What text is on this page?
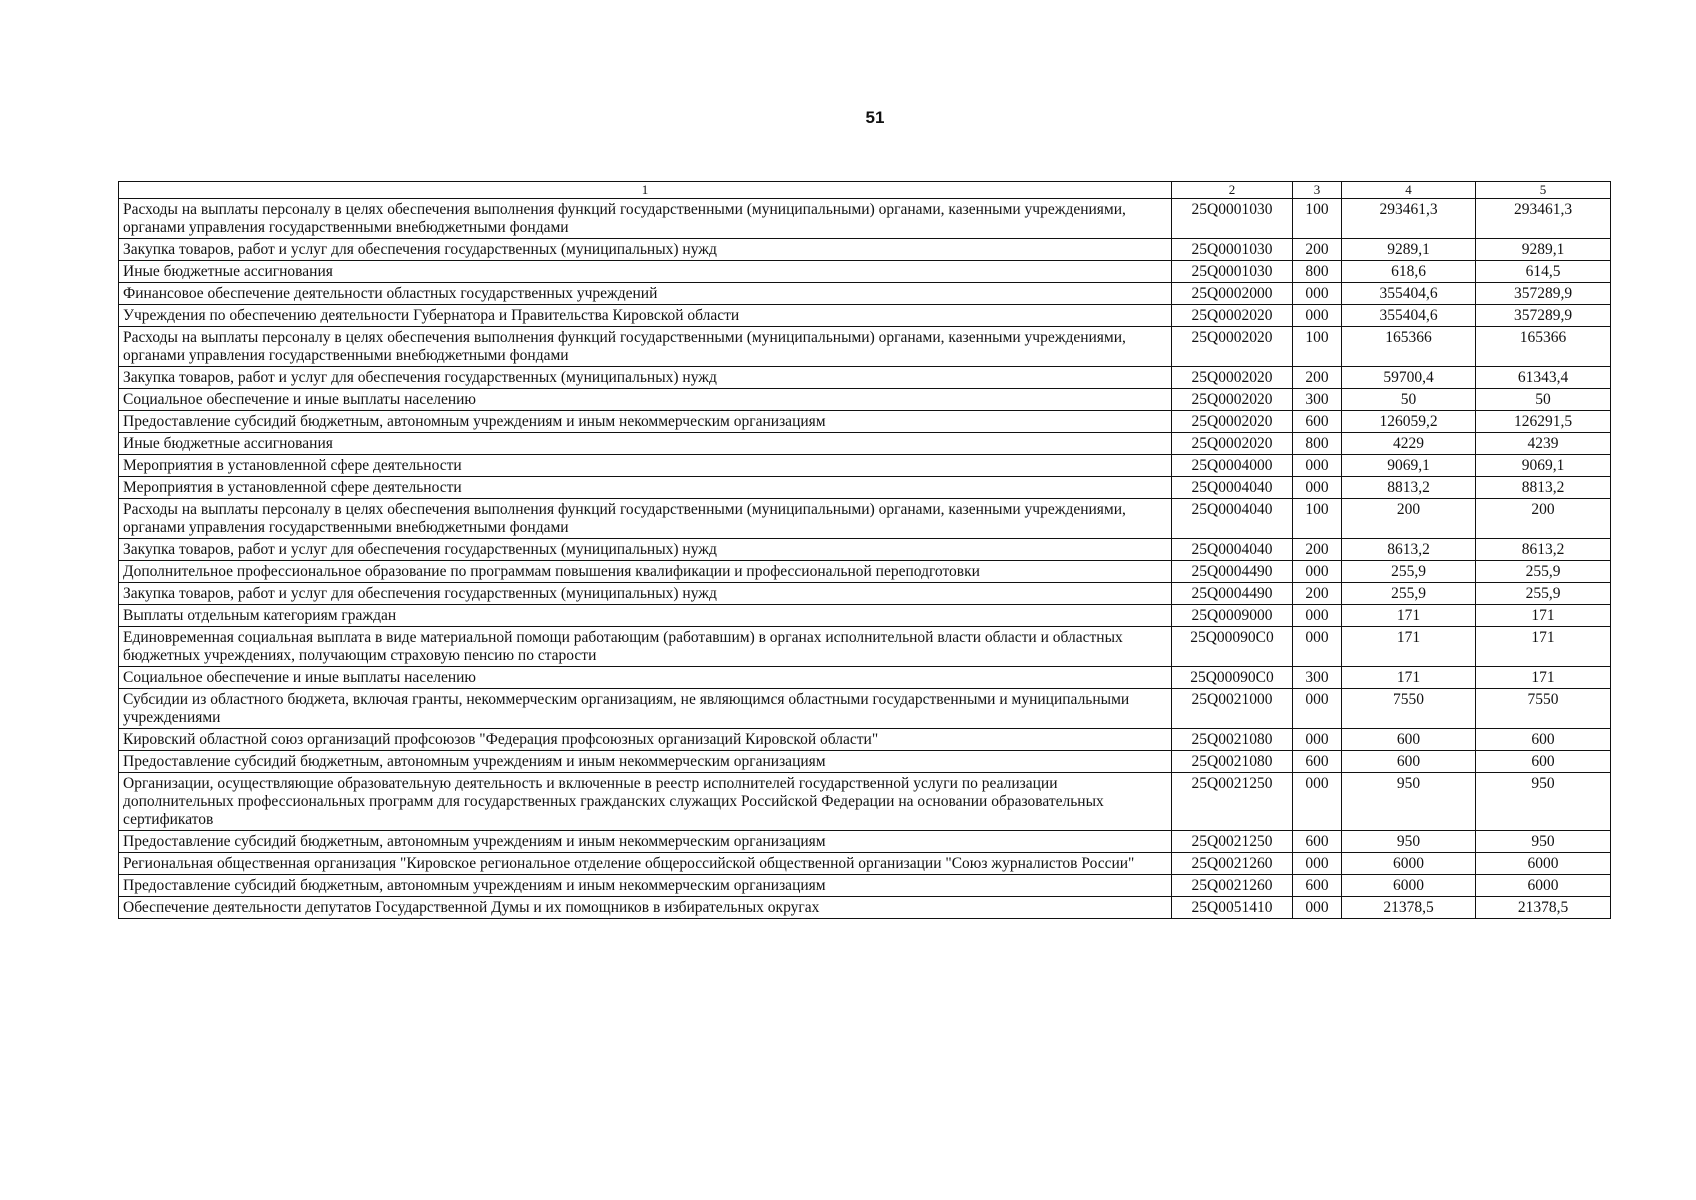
51
1	2	3	4	5
Расходы на выплаты персоналу в целях обеспечения выполнения функций государственными (муниципальными) органами, казенными учреждениями, органами управления государственными внебюджетными фондами	25Q0001030	100	293461,3	293461,3
Закупка товаров, работ и услуг для обеспечения государственных (муниципальных) нужд	25Q0001030	200	9289,1	9289,1
Иные бюджетные ассигнования	25Q0001030	800	618,6	614,5
Финансовое обеспечение деятельности областных государственных учреждений	25Q0002000	000	355404,6	357289,9
Учреждения по обеспечению деятельности Губернатора и Правительства Кировской области	25Q0002020	000	355404,6	357289,9
Расходы на выплаты персоналу в целях обеспечения выполнения функций государственными (муниципальными) органами, казенными учреждениями, органами управления государственными внебюджетными фондами	25Q0002020	100	165366	165366
Закупка товаров, работ и услуг для обеспечения государственных (муниципальных) нужд	25Q0002020	200	59700,4	61343,4
Социальное обеспечение и иные выплаты населению	25Q0002020	300	50	50
Предоставление субсидий бюджетным, автономным учреждениям и иным некоммерческим организациям	25Q0002020	600	126059,2	126291,5
Иные бюджетные ассигнования	25Q0002020	800	4229	4239
Мероприятия в установленной сфере деятельности	25Q0004000	000	9069,1	9069,1
Мероприятия в установленной сфере деятельности	25Q0004040	000	8813,2	8813,2
Расходы на выплаты персоналу в целях обеспечения выполнения функций государственными (муниципальными) органами, казенными учреждениями, органами управления государственными внебюджетными фондами	25Q0004040	100	200	200
Закупка товаров, работ и услуг для обеспечения государственных (муниципальных) нужд	25Q0004040	200	8613,2	8613,2
Дополнительное профессиональное образование по программам повышения квалификации и профессиональной переподготовки	25Q0004490	000	255,9	255,9
Закупка товаров, работ и услуг для обеспечения государственных (муниципальных) нужд	25Q0004490	200	255,9	255,9
Выплаты отдельным категориям граждан	25Q0009000	000	171	171
Единовременная социальная выплата в виде материальной помощи работающим (работавшим) в органах исполнительной власти области и областных бюджетных учреждениях, получающим страховую пенсию по старости	25Q00090C0	000	171	171
Социальное обеспечение и иные выплаты населению	25Q00090C0	300	171	171
Субсидии из областного бюджета, включая гранты, некоммерческим организациям, не являющимся областными государственными и муниципальными учреждениями	25Q0021000	000	7550	7550
Кировский областной союз организаций профсоюзов "Федерация профсоюзных организаций Кировской области"	25Q0021080	000	600	600
Предоставление субсидий бюджетным, автономным учреждениям и иным некоммерческим организациям	25Q0021080	600	600	600
Организации, осуществляющие образовательную деятельность и включенные в реестр исполнителей государственной услуги по реализации дополнительных профессиональных программ для государственных гражданских служащих Российской Федерации на основании образовательных сертификатов	25Q0021250	000	950	950
Предоставление субсидий бюджетным, автономным учреждениям и иным некоммерческим организациям	25Q0021250	600	950	950
Региональная общественная организация "Кировское региональное отделение общероссийской общественной организации "Союз журналистов России"	25Q0021260	000	6000	6000
Предоставление субсидий бюджетным, автономным учреждениям и иным некоммерческим организациям	25Q0021260	600	6000	6000
Обеспечение деятельности депутатов Государственной Думы и их помощников в избирательных округах	25Q0051410	000	21378,5	21378,5
